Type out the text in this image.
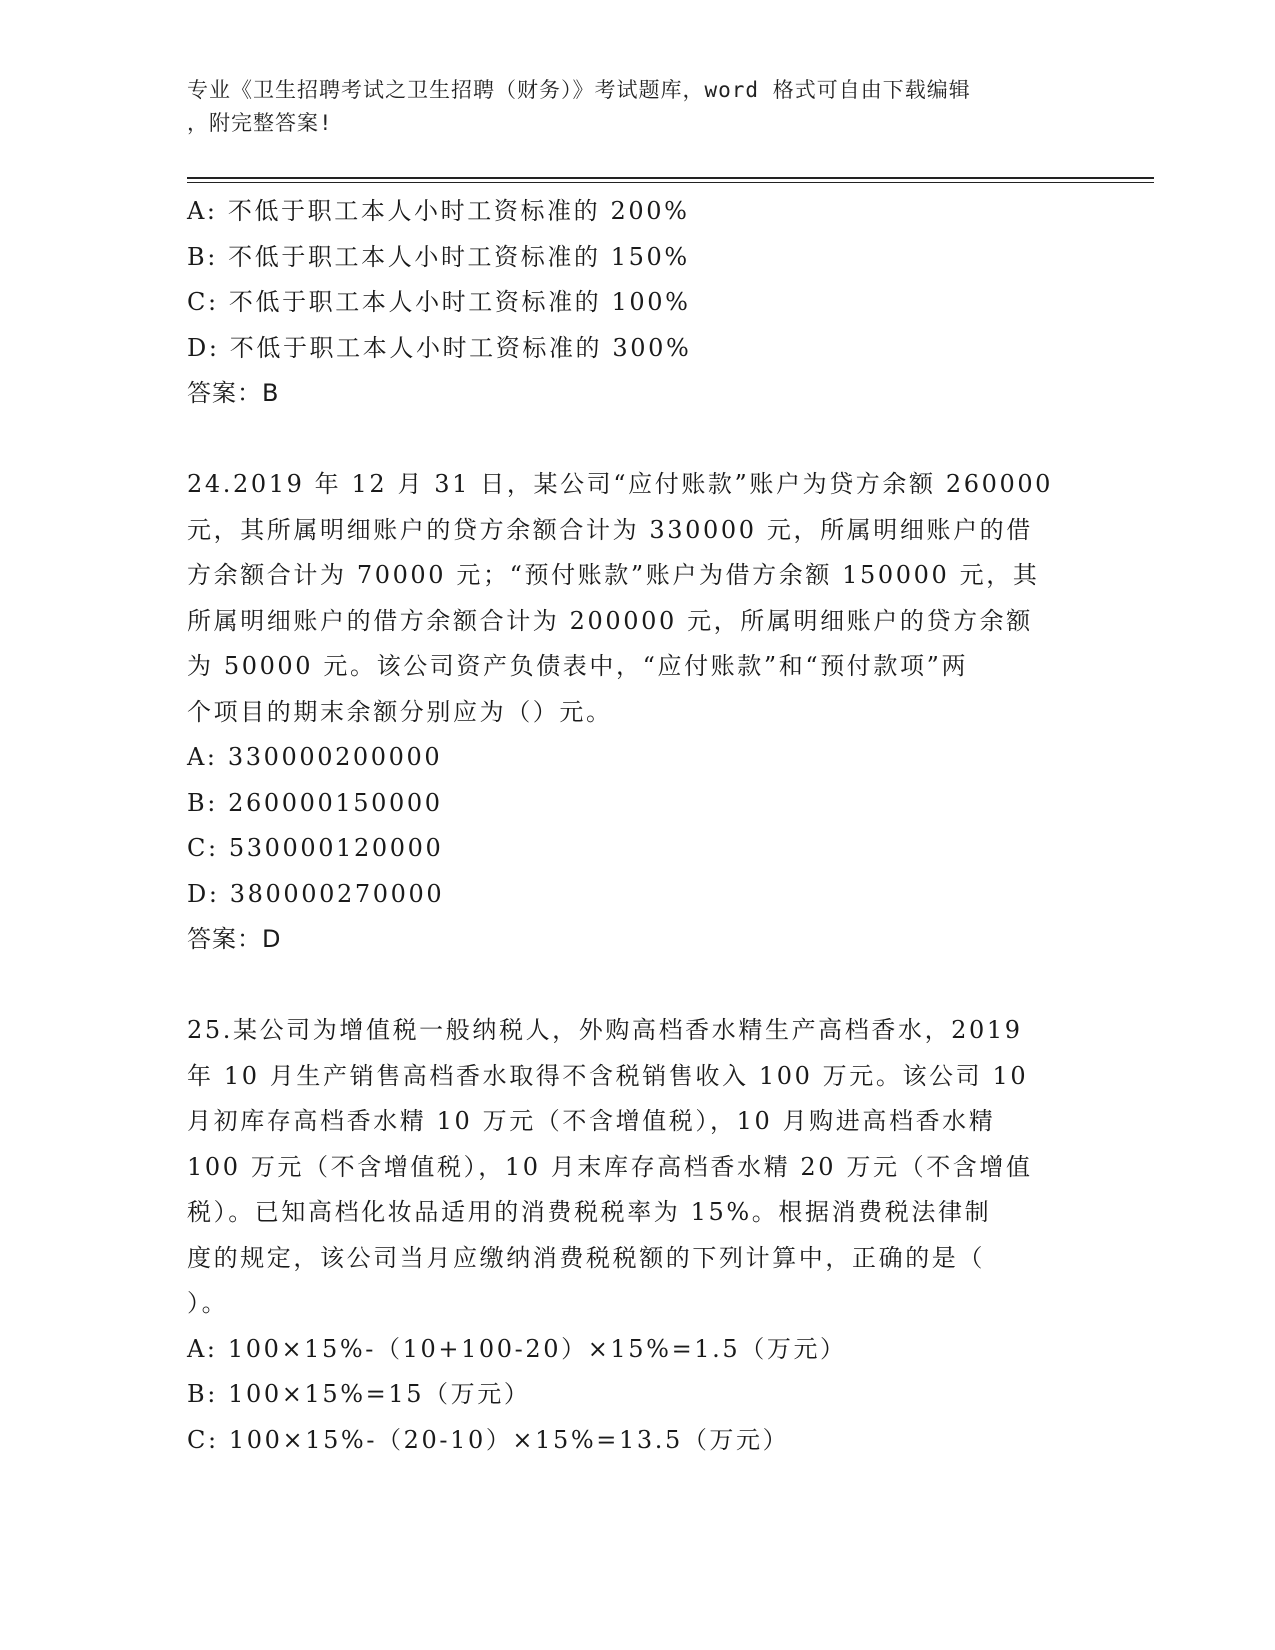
专业《卫生招聘考试之卫生招聘（财务）》考试题库，word 格式可自由下载编辑
，附完整答案!
A: 不低于职工本人小时工资标准的 200%
B: 不低于职工本人小时工资标准的 150%
C: 不低于职工本人小时工资标准的 100%
D: 不低于职工本人小时工资标准的 300%
答案：B
24.2019 年 12 月 31 日，某公司“应付账款”账户为贷方余额 260000
元，其所属明细账户的贷方余额合计为 330000 元，所属明细账户的借
方余额合计为 70000 元；“预付账款”账户为借方余额 150000 元，其
所属明细账户的借方余额合计为 200000 元，所属明细账户的贷方余额
为 50000 元。该公司资产负债表中，“应付账款”和“预付款项”两
个项目的期末余额分别应为（）元。
A: 330000200000
B: 260000150000
C: 530000120000
D: 380000270000
答案：D
25.某公司为增值税一般纳税人，外购高档香水精生产高档香水，2019
年 10 月生产销售高档香水取得不含税销售收入 100 万元。该公司 10
月初库存高档香水精 10 万元（不含增值税），10 月购进高档香水精
100 万元（不含增值税），10 月末库存高档香水精 20 万元（不含增值
税）。已知高档化妆品适用的消费税税率为 15%。根据消费税法律制
度的规定，该公司当月应缴纳消费税税额的下列计算中，正确的是（
）。
A: 100×15%-（10+100-20）×15%=1.5（万元）
B: 100×15%=15（万元）
C: 100×15%-（20-10）×15%=13.5（万元）
